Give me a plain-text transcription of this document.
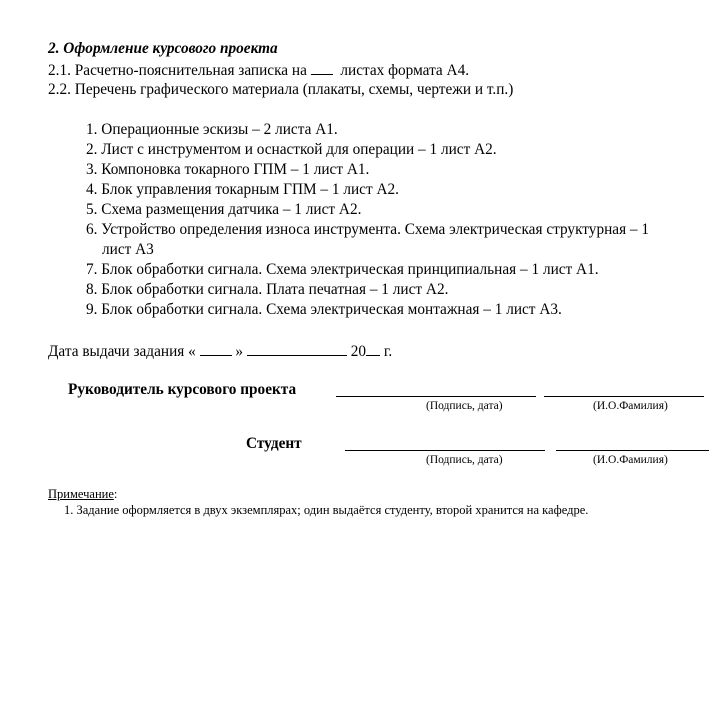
2. Оформление курсового проекта
2.1. Расчетно-пояснительная записка на листах формата А4.
2.2. Перечень графического материала (плакаты, схемы, чертежи и т.п.)
1. Операционные эскизы – 2 листа А1.
2. Лист с инструментом и оснасткой для операции – 1 лист А2.
3. Компоновка токарного ГПМ – 1 лист А1.
4. Блок управления токарным ГПМ – 1 лист А2.
5. Схема размещения датчика – 1 лист А2.
6. Устройство определения износа инструмента. Схема электрическая структурная – 1
лист А3
7. Блок обработки сигнала. Схема электрическая принципиальная – 1 лист А1.
8. Блок обработки сигнала. Плата печатная – 1 лист А2.
9. Блок обработки сигнала. Схема электрическая монтажная – 1 лист А3.
Дата выдачи задания «	»	20 г.
Руководитель курсового проекта
(Подпись, дата)	(И.О.Фамилия)
Студент
(Подпись, дата)	(И.О.Фамилия)
Примечание:
1. Задание оформляется в двух экземплярах; один выдаётся студенту, второй хранится на кафедре.
